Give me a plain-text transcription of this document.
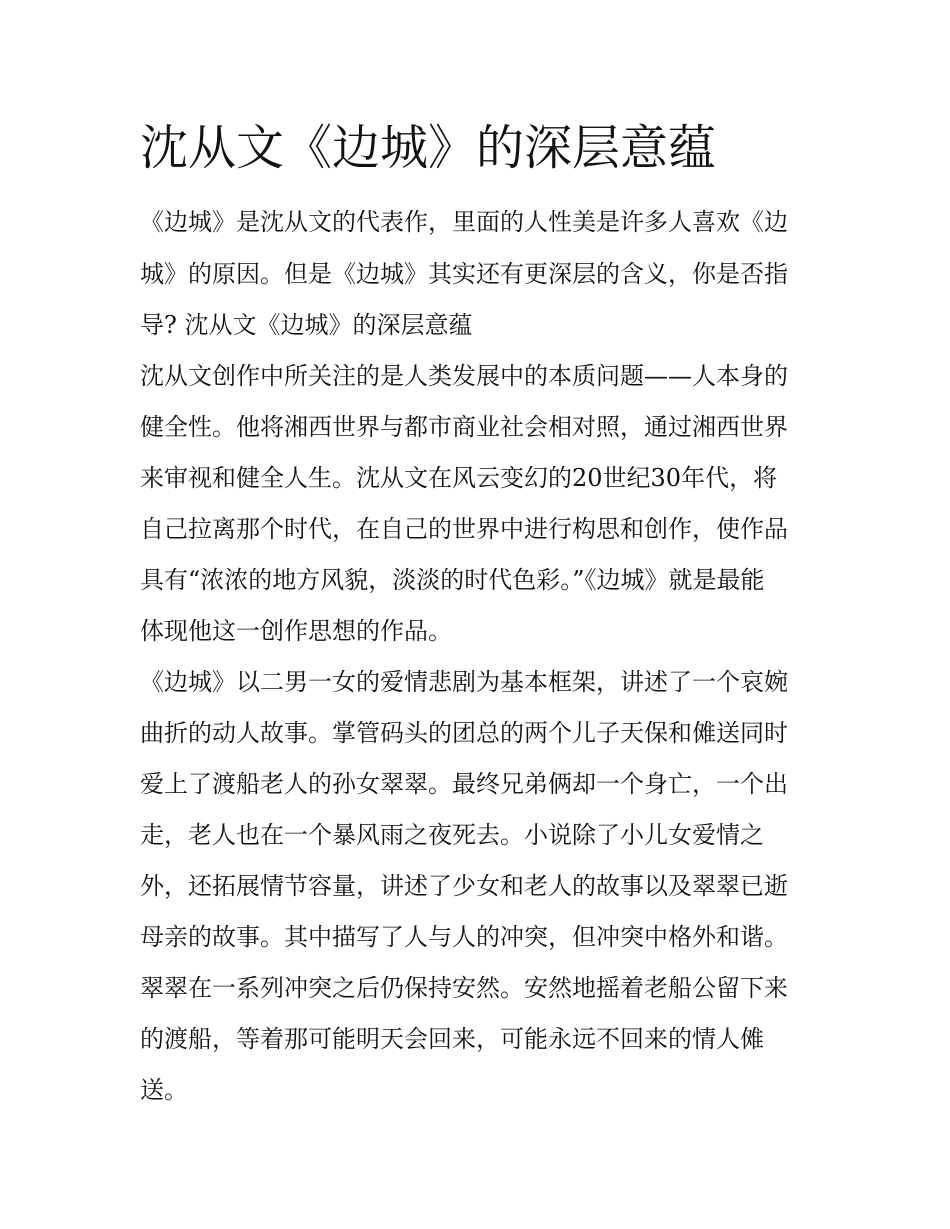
沈从文《边城》的深层意蕴

《边城》是沈从文的代表作，里面的人性美是许多人喜欢《边

城》的原因。但是《边城》其实还有更深层的含义，你是否指

导? 沈从文《边城》的深层意蕴

沈从文创作中所关注的是人类发展中的本质问题——人本身的

健全性。他将湘西世界与都市商业社会相对照，通过湘西世界

来审视和健全人生。沈从文在风云变幻的20世纪30年代，将

自己拉离那个时代，在自己的世界中进行构思和创作，使作品

具有“浓浓的地方风貌，淡淡的时代色彩。”《边城》就是最能

体现他这一创作思想的作品。

《边城》以二男一女的爱情悲剧为基本框架，讲述了一个哀婉

曲折的动人故事。掌管码头的团总的两个儿子天保和傩送同时

爱上了渡船老人的孙女翠翠。最终兄弟俩却一个身亡，一个出

走，老人也在一个暴风雨之夜死去。小说除了小儿女爱情之

外，还拓展情节容量，讲述了少女和老人的故事以及翠翠已逝

母亲的故事。其中描写了人与人的冲突，但冲突中格外和谐。

翠翠在一系列冲突之后仍保持安然。安然地摇着老船公留下来

的渡船，等着那可能明天会回来，可能永远不回来的情人傩

送。
